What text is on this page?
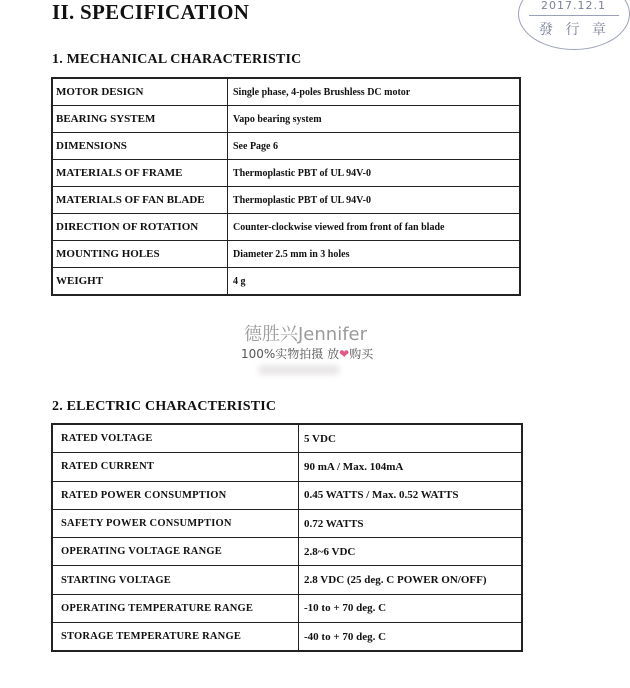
II. SPECIFICATION	2017.12.1
發 行 章
1. MECHANICAL CHARACTERISTIC
MOTOR DESIGN	Single phase, 4-poles Brushless DC motor
BEARING SYSTEM	Vapo bearing system
DIMENSIONS	See Page 6
MATERIALS OF FRAME	Thermoplastic PBT of UL 94V-0
MATERIALS OF FAN BLADE	Thermoplastic PBT of UL 94V-0
DIRECTION OF ROTATION	Counter-clockwise viewed from front of fan blade
MOUNTING HOLES	Diameter 2.5 mm in 3 holes
WEIGHT	4 g
德胜兴Jennifer
100%实物拍摄 放❤购买
2. ELECTRIC CHARACTERISTIC
RATED VOLTAGE	5 VDC
RATED CURRENT	90 mA / Max. 104mA
RATED POWER CONSUMPTION	0.45 WATTS / Max. 0.52 WATTS
SAFETY POWER CONSUMPTION	0.72 WATTS
OPERATING VOLTAGE RANGE	2.8~6 VDC
STARTING VOLTAGE	2.8 VDC (25 deg. C POWER ON/OFF)
OPERATING TEMPERATURE RANGE	-10 to + 70 deg. C
STORAGE TEMPERATURE RANGE	-40 to + 70 deg. C
